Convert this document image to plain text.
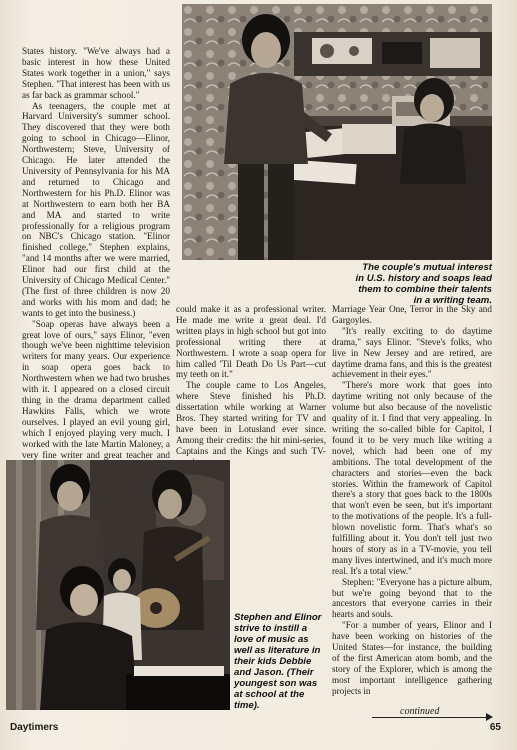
States history. "We've always had a basic interest in how these United States work together in a union," says Stephen. "That interest has been with us as far back as grammar school."

As teenagers, the couple met at Harvard University's summer school. They discovered that they were both going to school in Chicago—Elinor, Northwestern; Steve, University of Chicago. He later attended the University of Pennsylvania for his MA and returned to Chicago and Northwestern for his Ph.D. Elinor was at Northwestern to earn both her BA and MA and started to write professionally for a religious program on NBC's Chicago station. "Elinor finished college," Stephen explains, "and 14 months after we were married, Elinor had our first child at the University of Chicago Medical Center." (The first of three children is now 20 and works with his mom and dad; he wants to get into the business.)

"Soap operas have always been a great love of ours," says Elinor, "even though we've been nighttime television writers for many years. Our experience in soap opera goes back to Northwestern when we had two brushes with it. I appeared on a closed circuit thing in the drama department called Hawkins Falls, which we wrote ourselves. I played an evil young girl, which I enjoyed playing very much. I worked with the late Martin Maloney, a very fine writer and great teacher and

could make it as a professional writer. He made me write a great deal. I'd written plays in high school but got into professional writing there at Northwestern. I wrote a soap opera for him called 'Til Death Do Us Part—cut my teeth on it."

The couple came to Los Angeles, where Steve finished his Ph.D. dissertation while working at Warner Bros. They started writing for TV and have been in Lotusland ever since. Among their credits: the hit mini-series, Captains and the Kings and such TV-

Marriage Year One, Terror in the Sky and Gargoyles.

"It's really exciting to do daytime drama," says Elinor. "Steve's folks, who live in New Jersey and are retired, are daytime drama fans, and this is the greatest achievement in their eyes."

"There's more work that goes into daytime writing not only because of the volume but also because of the novelistic quality of it. I find that very appealing. In writing the so-called bible for Capitol, I found it to be very much like writing a novel, which had been one of my ambitions. The total development of the characters and stories—even the back stories. Within the framework of Capitol there's a story that goes back to the 1800s that won't even be seen, but it's important to the motivations of the people. It's a full-blown novelistic form. That's what's so fulfilling about it. You don't tell just two hours of story as in a TV-movie, you tell many lives intertwined, and it's much more real. It's a total view."

Stephen: "Everyone has a picture album, but we're going beyond that to the ancestors that everyone carries in their hearts and souls.

"For a number of years, Elinor and I have been working on histories of the United States—for instance, the building of the first American atom bomb, and the story of the Explorer, which is among the most important intelligence gathering projects in

The couple's mutual interest in U.S. history and soaps lead them to combine their talents in a writing team.
Stephen and Elinor strive to instill a love of music as well as literature in their kids Debbie and Jason. (Their youngest son was at school at the time).
continued
Daytimers	65
